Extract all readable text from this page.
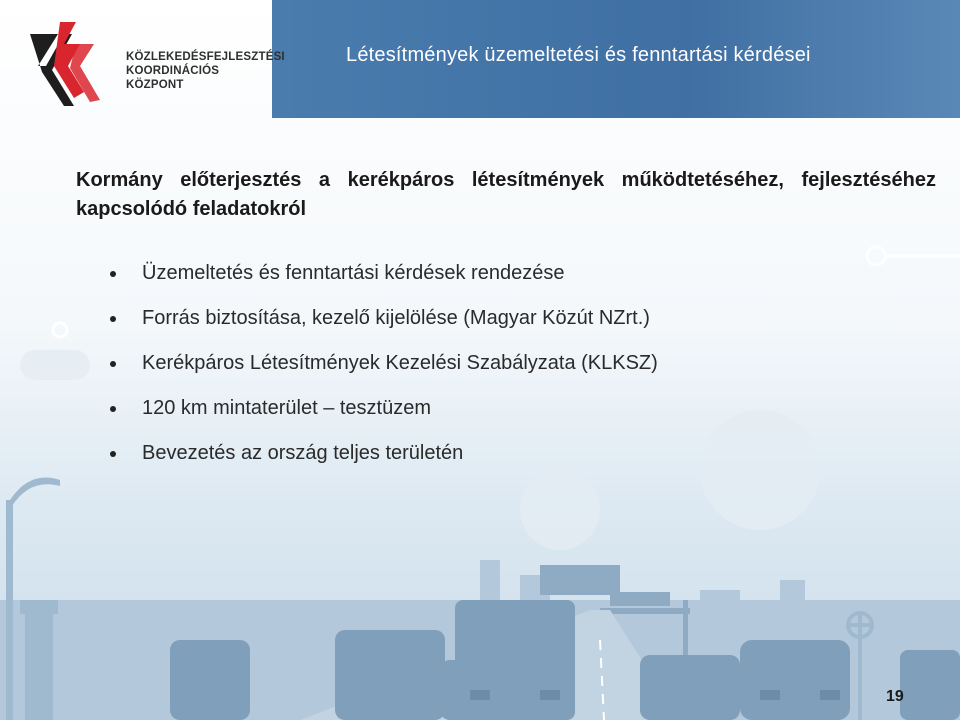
Létesítmények üzemeltetési és fenntartási kérdései
KÖZLEKEDÉSFEJLESZTÉSI
KOORDINÁCIÓS
KÖZPONT
Kormány előterjesztés a kerékpáros létesítmények működtetéséhez, fejlesztéséhez kapcsolódó feladatokról
Üzemeltetés és fenntartási kérdések rendezése
Forrás biztosítása, kezelő kijelölése (Magyar Közút NZrt.)
Kerékpáros Létesítmények Kezelési Szabályzata (KLKSZ)
120 km mintaterület – tesztüzem
Bevezetés az ország teljes területén
19
